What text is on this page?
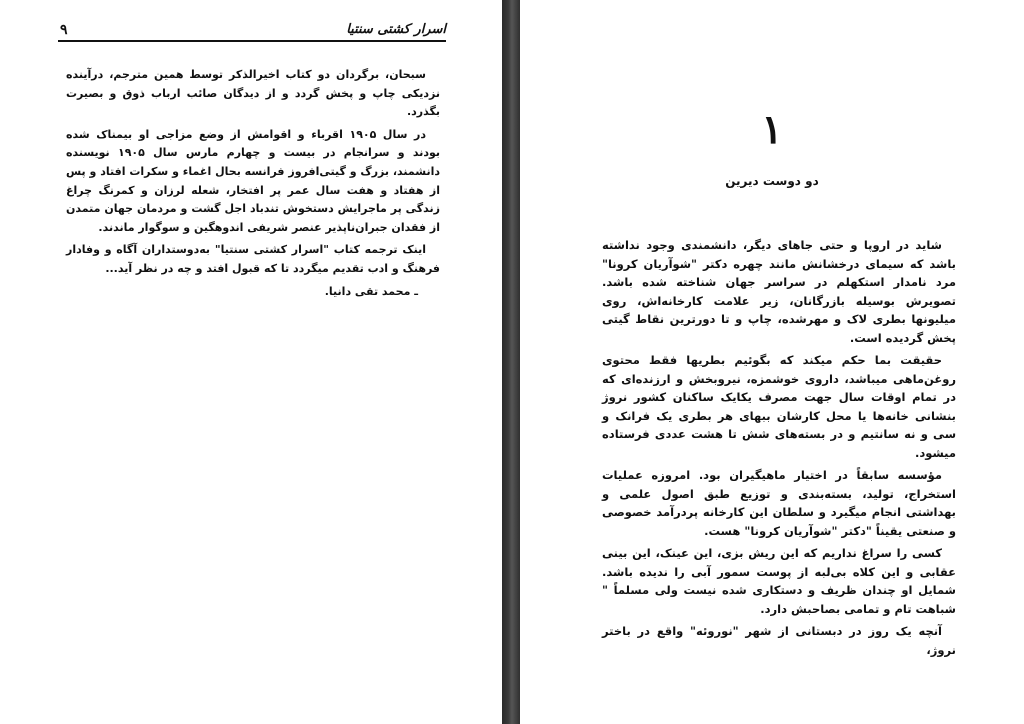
۹	اسرار کشتی سنتیا

سبحان، برگردان دو کتاب اخیرالذکر توسط همین مترجم، درآینده نزدیکی چاپ و پخش گردد و از دیدگان صائب ارباب ذوق و بصیرت بگذرد.

در سال ۱۹۰۵ اقرباء و اقوامش از وضع مزاجی او بیمناک شده بودند و سرانجام در بیست و چهارم مارس سال ۱۹۰۵ نویسنده دانشمند، بزرگ و گیتی‌افروز فرانسه بحال اغماء و سکرات افتاد و پس از هفتاد و هفت سال عمر پر افتخار، شعله لرزان و کمرنگ چراغ زندگی پر ماجرایش دستخوش تندباد اجل گشت و مردمان جهان متمدن از فقدان جبران‌ناپذیر عنصر شریفی اندوهگین و سوگوار ماندند.

اینک ترجمه کتاب "اسرار کشتی سنتیا" به‌دوستداران آگاه و وفادار فرهنگ و ادب تقدیم میگردد تا که قبول افتد و چه در نظر آید...

ـ محمد تقی دانیا.

۱
دو دوست دیرین

شاید در اروپا و حتی جاهای دیگر، دانشمندی وجود نداشته باشد که سیمای درخشانش مانند چهره دکتر "شوآریان کرونا" مرد نامدار استکهلم در سراسر جهان شناخته شده باشد. تصویرش بوسیله بازرگانان، زیر علامت کارخانه‌اش، روی میلیونها بطری لاک و مهرشده، چاپ و تا دورترین نقاط گیتی پخش گردیده است.

حقیقت بما حکم میکند که بگوئیم بطریها فقط محتوی روغن‌ماهی میباشد، داروی خوشمزه، نیروبخش و ارزنده‌ای که در تمام اوقات سال جهت مصرف یکایک ساکنان کشور نروژ بنشانی خانه‌ها یا محل کارشان ببهای هر بطری یک فرانک و سی و نه سانتیم و در بسته‌های شش تا هشت عددی فرستاده میشود.

مؤسسه سابقاً در اختیار ماهیگیران بود. امروزه عملیات استخراج، تولید، بسته‌بندی و توزیع طبق اصول علمی و بهداشتی انجام میگیرد و سلطان این کارخانه پردرآمد خصوصی و صنعتی یقیناً "دکتر "شوآریان کرونا" هست.

کسی را سراغ نداریم که این ریش بزی، این عینک، این بینی عقابی و این کلاه بی‌لبه از پوست سمور آبی را ندیده باشد. شمایل او چندان ظریف و دستکاری شده نیست ولی مسلماً " شباهت تام و تمامی بصاحبش دارد.

آنچه یک روز در دبستانی از شهر "نوروئه" واقع در باختر نروژ،
